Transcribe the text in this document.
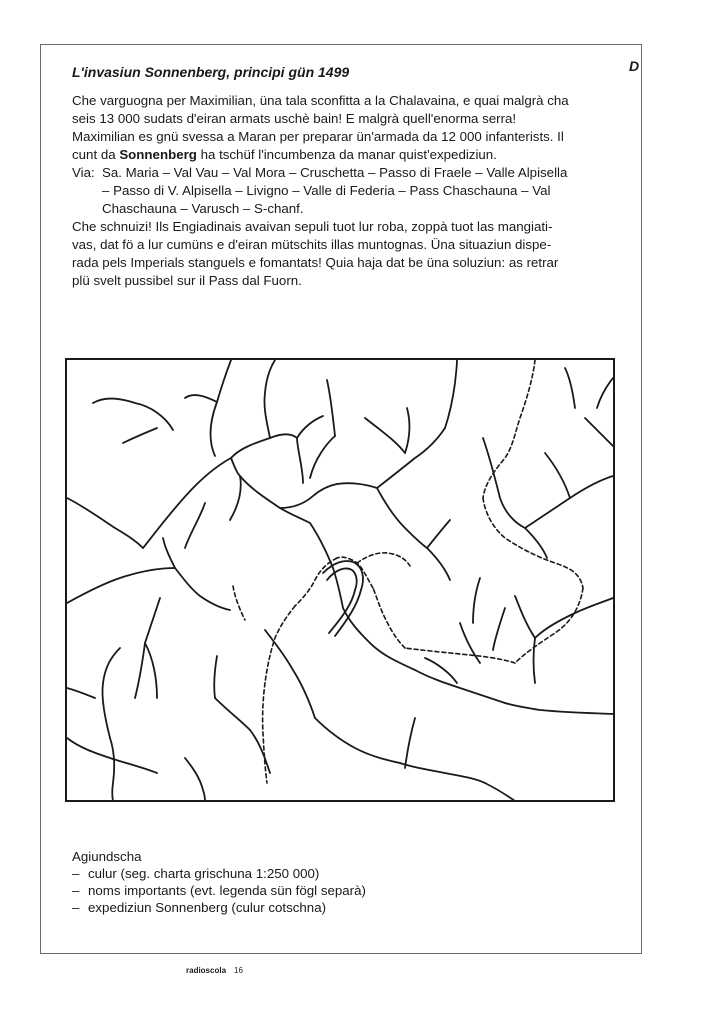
D
L'invasiun Sonnenberg, principi gün 1499

Che varguogna per Maximilian, üna tala sconfitta a la Chalavaina, e quai malgrà cha

seis 13 000 sudats d'eiran armats uschè bain! E malgrà quell'enorma serra!

Maximilian es gnü svessa a Maran per preparar ün'armada da 12 000 infanterists. Il

cunt da Sonnenberg ha tschüf l'incumbenza da manar quist'expediziun.

Via: Sa. Maria – Val Vau – Val Mora – Cruschetta – Passo di Fraele – Valle Alpisella

– Passo di V. Alpisella – Livigno – Valle di Federia – Pass Chaschauna – Val

Chaschauna – Varusch – S-chanf.

Che schnuizi! Ils Engiadinais avaivan sepuli tuot lur roba, zoppà tuot las mangiati-

vas, dat fö a lur cumüns e d'eiran mütschits illas muntognas. Üna situaziun dispe-

rada pels Imperials stanguels e fomantats! Quia haja dat be üna soluziun: as retrar

plü svelt pussibel sur il Pass dal Fuorn.

Agiundscha
– culur (seg. charta grischuna 1:250 000)
– noms importants (evt. legenda sün fögl separà)
– expediziun Sonnenberg (culur cotschna)
radioscola 16
